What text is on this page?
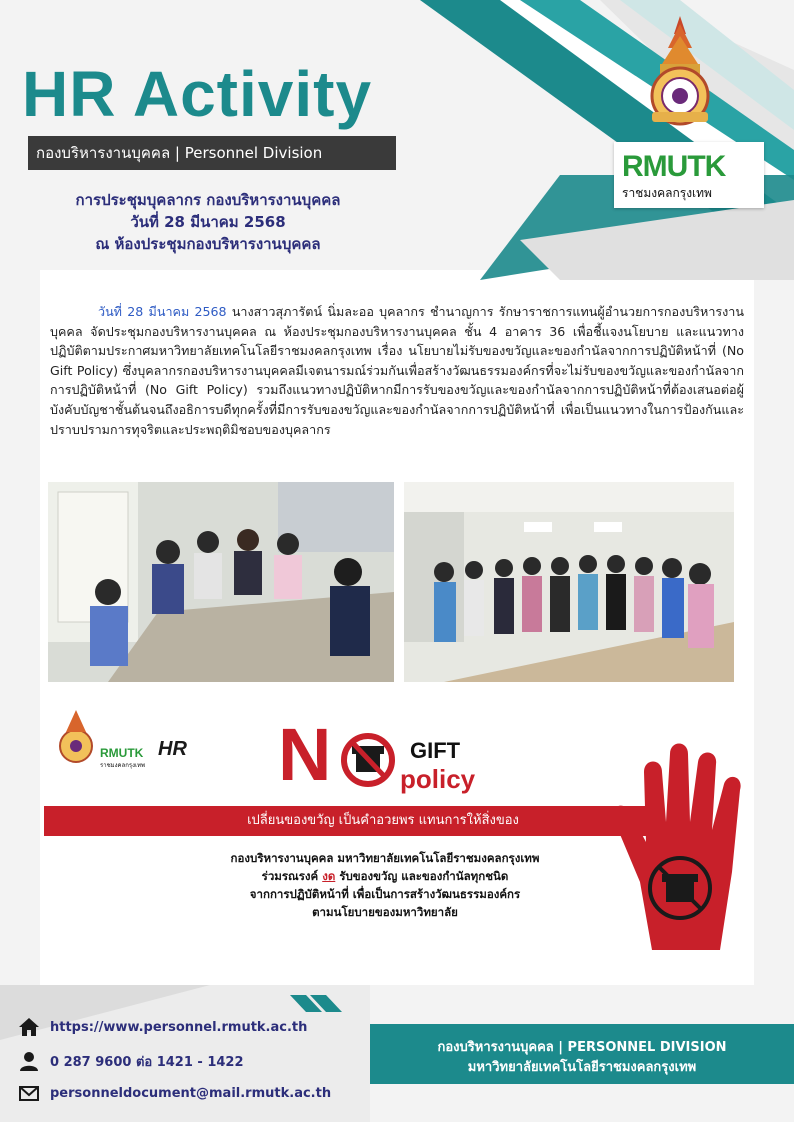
HR Activity
กองบริหารงานบุคคล | Personnel Division
การประชุมบุคลากร กองบริหารงานบุคคล
วันที่ 28 มีนาคม 2568
ณ ห้องประชุมกองบริหารงานบุคคล
RMUTK
ราชมงคลกรุงเทพ
วันที่ 28 มีนาคม 2568 นางสาวสุภารัตน์ นิ่มละออ บุคลากร ชำนาญการ รักษาราชการแทนผู้อำนวยการกองบริหารงานบุคคล จัดประชุมกองบริหารงานบุคคล ณ ห้องประชุมกองบริหารงานบุคคล ชั้น 4 อาคาร 36 เพื่อชี้แจงนโยบาย และแนวทางปฏิบัติตามประกาศมหาวิทยาลัยเทคโนโลยีราชมงคลกรุงเทพ เรื่อง นโยบายไม่รับของขวัญและของกำนัลจากการปฏิบัติหน้าที่ (No Gift Policy) ซึ่งบุคลากรกองบริหารงานบุคคลมีเจตนารมณ์ร่วมกันเพื่อสร้างวัฒนธรรมองค์กรที่จะไม่รับของขวัญและของกำนัลจากการปฏิบัติหน้าที่ (No Gift Policy) รวมถึงแนวทางปฏิบัติหากมีการรับของขวัญและของกำนัลจากการปฏิบัติหน้าที่ต้องเสนอต่อผู้บังคับบัญชาชั้นต้นจนถึงอธิการบดีทุกครั้งที่มีการรับของขวัญและของกำนัลจากการปฏิบัติหน้าที่ เพื่อเป็นแนวทางในการป้องกันและปราบปรามการทุจริตและประพฤติมิชอบของบุคลากร
N
RMUTK
ราชมงคลกรุงเทพ
HR	GIFT
policy
เปลี่ยนของขวัญ เป็นคำอวยพร แทนการให้สิ่งของ
กองบริหารงานบุคคล มหาวิทยาลัยเทคโนโลยีราชมงคลกรุงเทพ
ร่วมรณรงค์ งด รับของขวัญ และของกำนัลทุกชนิด
จากการปฏิบัติหน้าที่ เพื่อเป็นการสร้างวัฒนธรรมองค์กร
ตามนโยบายของมหาวิทยาลัย
https://www.personnel.rmutk.ac.th
0 287 9600 ต่อ 1421 - 1422
personneldocument@mail.rmutk.ac.th
กองบริหารงานบุคคล | PERSONNEL DIVISION
มหาวิทยาลัยเทคโนโลยีราชมงคลกรุงเทพ
